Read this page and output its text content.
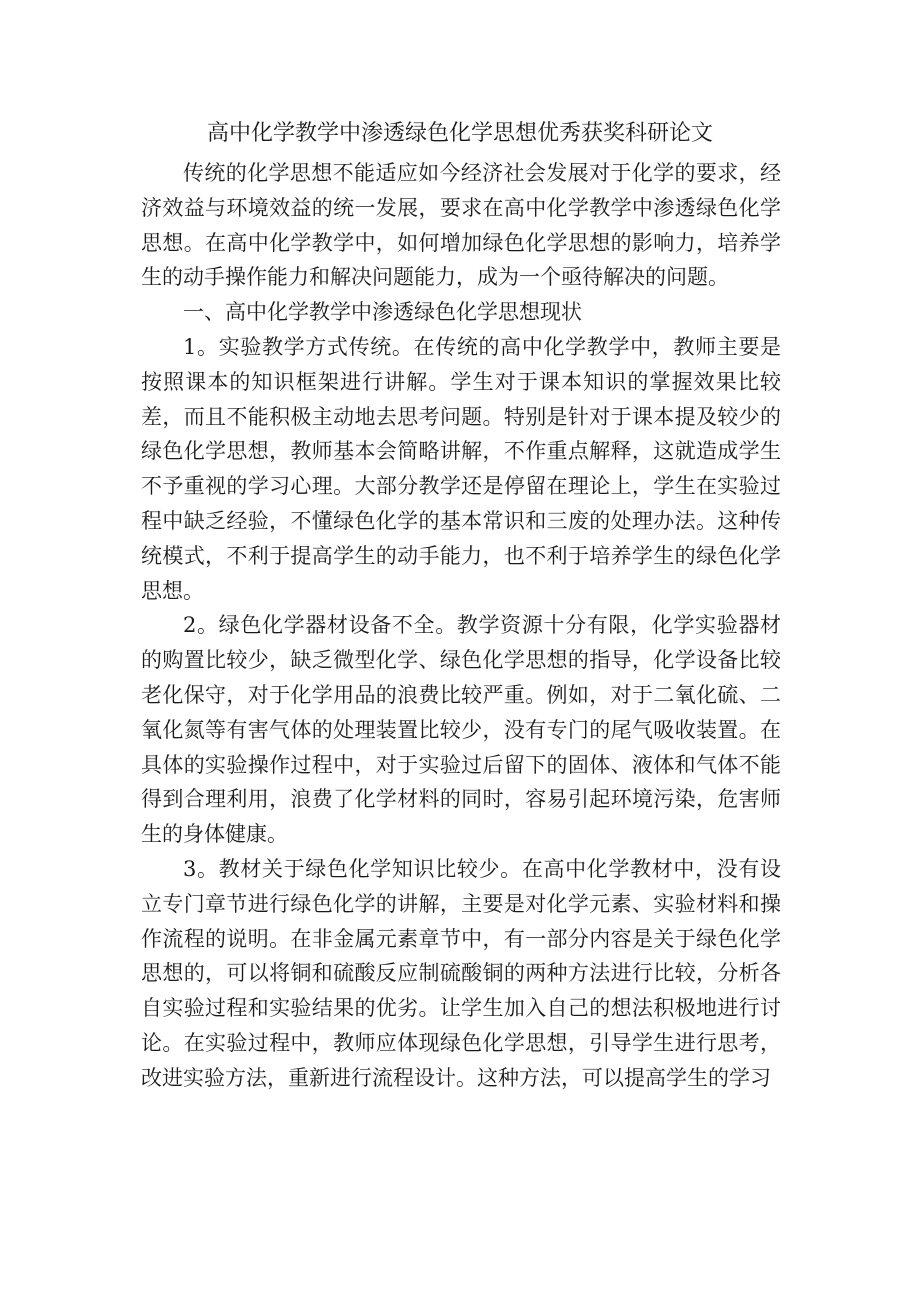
高中化学教学中渗透绿色化学思想优秀获奖科研论文

传统的化学思想不能适应如今经济社会发展对于化学的要求，经济效益与环境效益的统一发展，要求在高中化学教学中渗透绿色化学思想。在高中化学教学中，如何增加绿色化学思想的影响力，培养学生的动手操作能力和解决问题能力，成为一个亟待解决的问题。

一、高中化学教学中渗透绿色化学思想现状

1。实验教学方式传统。在传统的高中化学教学中，教师主要是按照课本的知识框架进行讲解。学生对于课本知识的掌握效果比较差，而且不能积极主动地去思考问题。特别是针对于课本提及较少的绿色化学思想，教师基本会简略讲解，不作重点解释，这就造成学生不予重视的学习心理。大部分教学还是停留在理论上，学生在实验过程中缺乏经验，不懂绿色化学的基本常识和三废的处理办法。这种传统模式，不利于提高学生的动手能力，也不利于培养学生的绿色化学思想。

2。绿色化学器材设备不全。教学资源十分有限，化学实验器材的购置比较少，缺乏微型化学、绿色化学思想的指导，化学设备比较老化保守，对于化学用品的浪费比较严重。例如，对于二氧化硫、二氧化氮等有害气体的处理装置比较少，没有专门的尾气吸收装置。在具体的实验操作过程中，对于实验过后留下的固体、液体和气体不能得到合理利用，浪费了化学材料的同时，容易引起环境污染，危害师生的身体健康。

3。教材关于绿色化学知识比较少。在高中化学教材中，没有设立专门章节进行绿色化学的讲解，主要是对化学元素、实验材料和操作流程的说明。在非金属元素章节中，有一部分内容是关于绿色化学思想的，可以将铜和硫酸反应制硫酸铜的两种方法进行比较，分析各自实验过程和实验结果的优劣。让学生加入自己的想法积极地进行讨论。在实验过程中，教师应体现绿色化学思想，引导学生进行思考，改进实验方法，重新进行流程设计。这种方法，可以提高学生的学习
